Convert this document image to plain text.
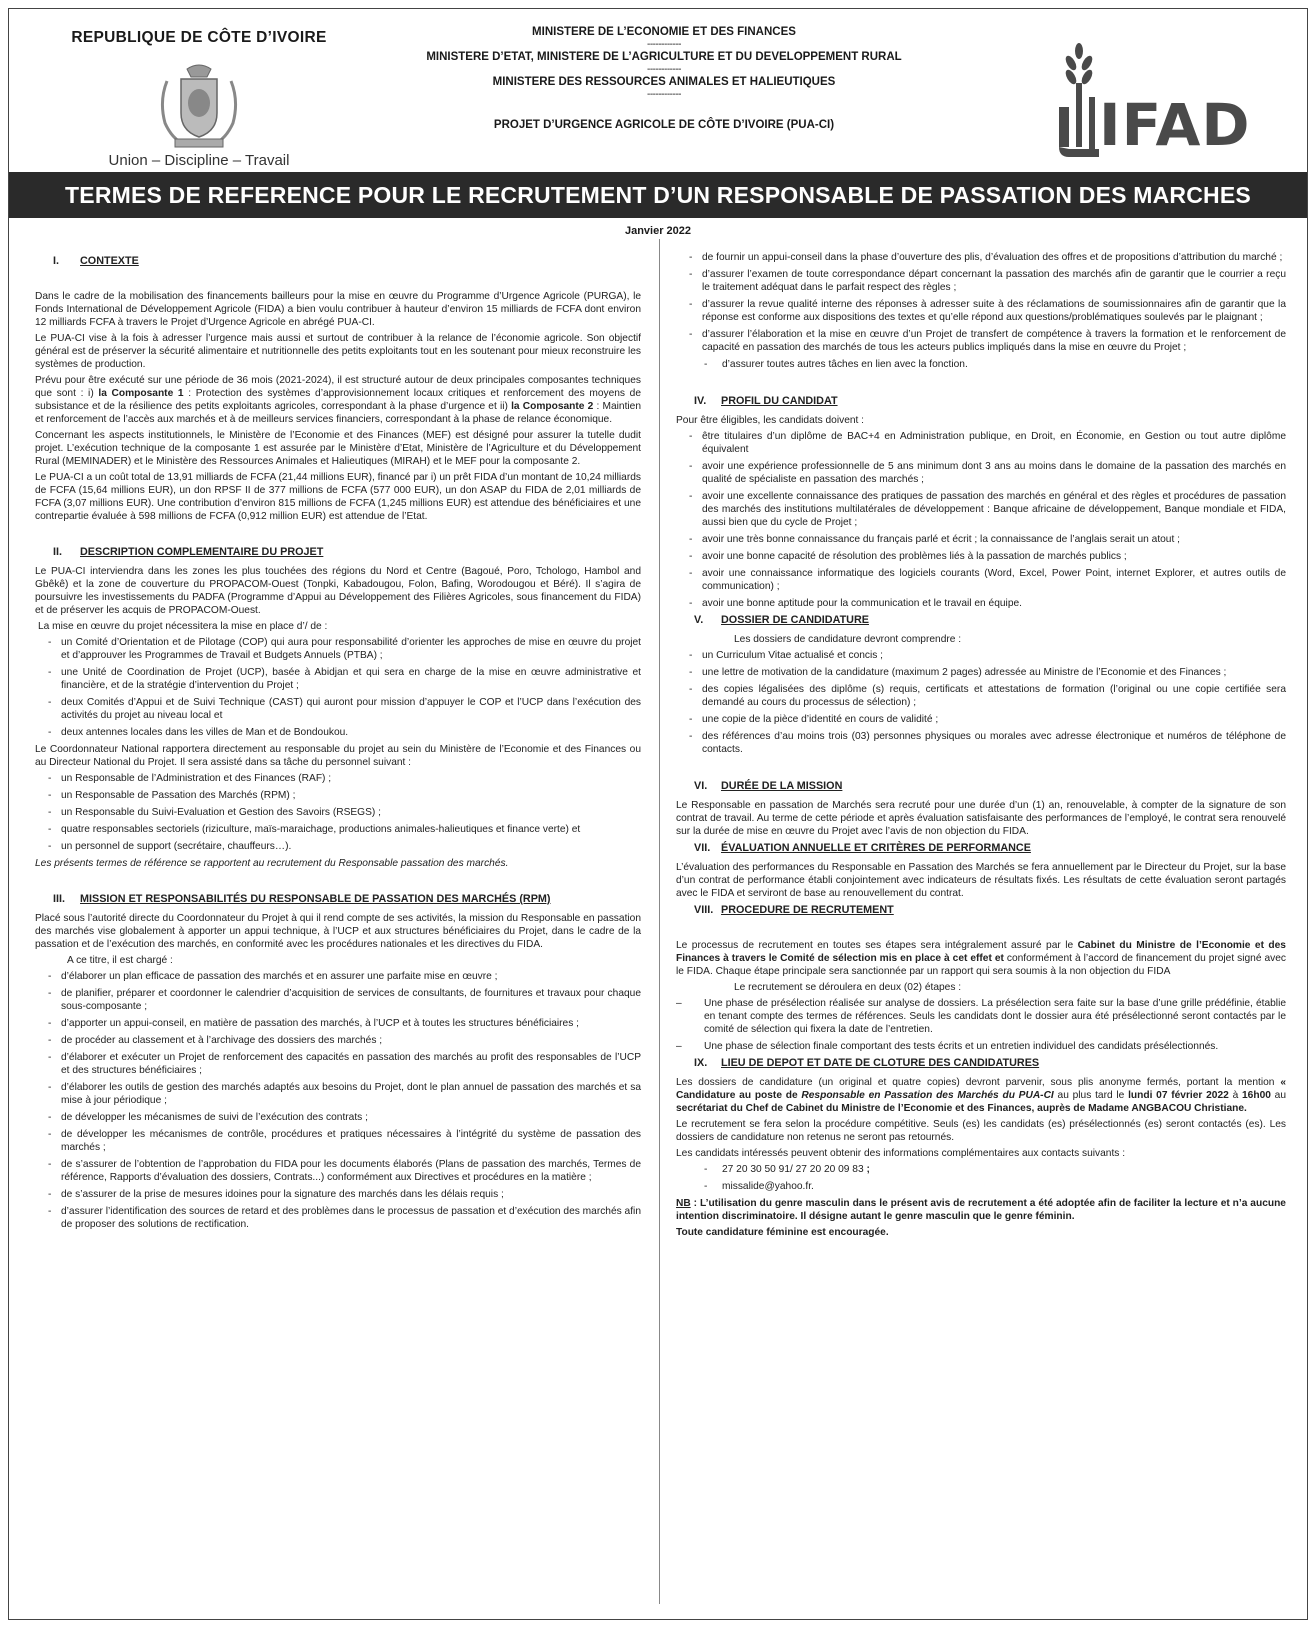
REPUBLIQUE DE CÔTE D’IVOIRE
Union – Discipline – Travail
MINISTERE DE L’ECONOMIE ET DES FINANCES
------------
MINISTERE D’ETAT, MINISTERE DE L’AGRICULTURE ET DU DEVELOPPEMENT RURAL
------------
MINISTERE DES RESSOURCES ANIMALES ET HALIEUTIQUES
------------
PROJET D’URGENCE AGRICOLE DE CÔTE D’IVOIRE (PUA-CI)	IFAD
TERMES DE REFERENCE POUR LE RECRUTEMENT D’UN RESPONSABLE DE PASSATION DES MARCHES
Janvier 2022
I. CONTEXTE

Dans le cadre de la mobilisation des financements bailleurs pour la mise en œuvre du Programme d’Urgence Agricole (PURGA), le Fonds International de Développement Agricole (FIDA) a bien voulu contribuer à hauteur d’environ 15 milliards de FCFA dont environ 12 milliards FCFA à travers le Projet d’Urgence Agricole en abrégé PUA-CI.

Le PUA-CI vise à la fois à adresser l’urgence mais aussi et surtout de contribuer à la relance de l’économie agricole. Son objectif général est de préserver la sécurité alimentaire et nutritionnelle des petits exploitants tout en les soutenant pour mieux reconstruire les systèmes de production.

Prévu pour être exécuté sur une période de 36 mois (2021-2024), il est structuré autour de deux principales composantes techniques que sont : i) la Composante 1 : Protection des systèmes d’approvisionnement locaux critiques et renforcement des moyens de subsistance et de la résilience des petits exploitants agricoles, correspondant à la phase d’urgence et ii) la Composante 2 : Maintien et renforcement de l’accès aux marchés et à de meilleurs services financiers, correspondant à la phase de relance économique.

Concernant les aspects institutionnels, le Ministère de l’Economie et des Finances (MEF) est désigné pour assurer la tutelle dudit projet. L’exécution technique de la composante 1 est assurée par le Ministère d’Etat, Ministère de l’Agriculture et du Développement Rural (MEMINADER) et le Ministère des Ressources Animales et Halieutiques (MIRAH) et le MEF pour la composante 2.

Le PUA-CI a un coût total de 13,91 milliards de FCFA (21,44 millions EUR), financé par i) un prêt FIDA d’un montant de 10,24 milliards de FCFA (15,64 millions EUR), un don RPSF II de 377 millions de FCFA (577 000 EUR), un don ASAP du FIDA de 2,01 milliards de FCFA (3,07 millions EUR). Une contribution d’environ 815 millions de FCFA (1,245 millions EUR) est attendue des bénéficiaires et une contrepartie évaluée à 598 millions de FCFA (0,912 million EUR) est attendue de l’Etat.

II. DESCRIPTION COMPLEMENTAIRE DU PROJET

Le PUA-CI interviendra dans les zones les plus touchées des régions du Nord et Centre (Bagoué, Poro, Tchologo, Hambol and Gbêkê) et la zone de couverture du PROPACOM-Ouest (Tonpki, Kabadougou, Folon, Bafing, Worodougou et Béré). Il s’agira de poursuivre les investissements du PADFA (Programme d’Appui au Développement des Filières Agricoles, sous financement du FIDA) et de préserver les acquis de PROPACOM-Ouest.

La mise en œuvre du projet nécessitera la mise en place d’/ de :

- un Comité d’Orientation et de Pilotage (COP) qui aura pour responsabilité d’orienter les approches de mise en œuvre du projet et d’approuver les Programmes de Travail et Budgets Annuels (PTBA) ;
- une Unité de Coordination de Projet (UCP), basée à Abidjan et qui sera en charge de la mise en œuvre administrative et financière, et de la stratégie d’intervention du Projet ;
- deux Comités d’Appui et de Suivi Technique (CAST) qui auront pour mission d’appuyer le COP et l’UCP dans l’exécution des activités du projet au niveau local et
- deux antennes locales dans les villes de Man et de Bondoukou.

Le Coordonnateur National rapportera directement au responsable du projet au sein du Ministère de l’Economie et des Finances ou au Directeur National du Projet. Il sera assisté dans sa tâche du personnel suivant :

- un Responsable de l’Administration et des Finances (RAF) ;
- un Responsable de Passation des Marchés (RPM) ;
- un Responsable du Suivi-Evaluation et Gestion des Savoirs (RSEGS) ;
- quatre responsables sectoriels (riziculture, maïs-maraichage, productions animales-halieutiques et finance verte) et
- un personnel de support (secrétaire, chauffeurs…).

Les présents termes de référence se rapportent au recrutement du Responsable passation des marchés.

III. MISSION ET RESPONSABILITÉS DU RESPONSABLE DE PASSATION DES MARCHÉS (RPM)

Placé sous l’autorité directe du Coordonnateur du Projet à qui il rend compte de ses activités, la mission du Responsable en passation des marchés vise globalement à apporter un appui technique, à l’UCP et aux structures bénéficiaires du Projet, dans le cadre de la passation et de l’exécution des marchés, en conformité avec les procédures nationales et les directives du FIDA.

A ce titre, il est chargé :

- d’élaborer un plan efficace de passation des marchés et en assurer une parfaite mise en œuvre ;
- de planifier, préparer et coordonner le calendrier d’acquisition de services de consultants, de fournitures et travaux pour chaque sous-composante ;
- d’apporter un appui-conseil, en matière de passation des marchés, à l’UCP et à toutes les structures bénéficiaires ;
- de procéder au classement et à l’archivage des dossiers des marchés ;
- d’élaborer et exécuter un Projet de renforcement des capacités en passation des marchés au profit des responsables de l’UCP et des structures bénéficiaires ;
- d’élaborer les outils de gestion des marchés adaptés aux besoins du Projet, dont le plan annuel de passation des marchés et sa mise à jour périodique ;
- de développer les mécanismes de suivi de l’exécution des contrats ;
- de développer les mécanismes de contrôle, procédures et pratiques nécessaires à l’intégrité du système de passation des marchés ;
- de s’assurer de l’obtention de l’approbation du FIDA pour les documents élaborés (Plans de passation des marchés, Termes de référence, Rapports d’évaluation des dossiers, Contrats...) conformément aux Directives et procédures en la matière ;
- de s’assurer de la prise de mesures idoines pour la signature des marchés dans les délais requis ;
- d’assurer l’identification des sources de retard et des problèmes dans le processus de passation et d’exécution des marchés afin de proposer des solutions de rectification.
- de fournir un appui-conseil dans la phase d’ouverture des plis, d’évaluation des offres et de propositions d’attribution du marché ;
- d’assurer l’examen de toute correspondance départ concernant la passation des marchés afin de garantir que le courrier a reçu le traitement adéquat dans le parfait respect des règles ;
- d’assurer la revue qualité interne des réponses à adresser suite à des réclamations de soumissionnaires afin de garantir que la réponse est conforme aux dispositions des textes et qu’elle répond aux questions/problématiques soulevés par le plaignant ;
- d’assurer l’élaboration et la mise en œuvre d’un Projet de transfert de compétence à travers la formation et le renforcement de capacité en passation des marchés de tous les acteurs publics impliqués dans la mise en œuvre du Projet ;
- d’assurer toutes autres tâches en lien avec la fonction.
IV. PROFIL DU CANDIDAT

Pour être éligibles, les candidats doivent :

- être titulaires d’un diplôme de BAC+4 en Administration publique, en Droit, en Économie, en Gestion ou tout autre diplôme équivalent
- avoir une expérience professionnelle de 5 ans minimum dont 3 ans au moins dans le domaine de la passation des marchés en qualité de spécialiste en passation des marchés ;
- avoir une excellente connaissance des pratiques de passation des marchés en général et des règles et procédures de passation des marchés des institutions multilatérales de développement : Banque africaine de développement, Banque mondiale et FIDA, aussi bien que du cycle de Projet ;
- avoir une très bonne connaissance du français parlé et écrit ; la connaissance de l’anglais serait un atout ;
- avoir une bonne capacité de résolution des problèmes liés à la passation de marchés publics ;
- avoir une connaissance informatique des logiciels courants (Word, Excel, Power Point, internet Explorer, et autres outils de communication) ;
- avoir une bonne aptitude pour la communication et le travail en équipe.
V. DOSSIER DE CANDIDATURE

Les dossiers de candidature devront comprendre :

- un Curriculum Vitae actualisé et concis ;
- une lettre de motivation de la candidature (maximum 2 pages) adressée au Ministre de l’Economie et des Finances ;
- des copies légalisées des diplôme (s) requis, certificats et attestations de formation (l’original ou une copie certifiée sera demandé au cours du processus de sélection) ;
- une copie de la pièce d’identité en cours de validité ;
- des références d’au moins trois (03) personnes physiques ou morales avec adresse électronique et numéros de téléphone de contacts.
VI. DURÉE DE LA MISSION

Le Responsable en passation de Marchés sera recruté pour une durée d’un (1) an, renouvelable, à compter de la signature de son contrat de travail. Au terme de cette période et après évaluation satisfaisante des performances de l’employé, le contrat sera renouvelé sur la durée de mise en œuvre du Projet avec l’avis de non objection du FIDA.

VII. ÉVALUATION ANNUELLE ET CRITÈRES DE PERFORMANCE

L’évaluation des performances du Responsable en Passation des Marchés se fera annuellement par le Directeur du Projet, sur la base d’un contrat de performance établi conjointement avec indicateurs de résultats fixés. Les résultats de cette évaluation seront partagés avec le FIDA et serviront de base au renouvellement du contrat.

VIII. PROCEDURE DE RECRUTEMENT

Le processus de recrutement en toutes ses étapes sera intégralement assuré par le Cabinet du Ministre de l’Economie et des Finances à travers le Comité de sélection mis en place à cet effet et conformément à l’accord de financement du projet signé avec le FIDA. Chaque étape principale sera sanctionnée par un rapport qui sera soumis à la non objection du FIDA

Le recrutement se déroulera en deux (02) étapes :

– Une phase de présélection réalisée sur analyse de dossiers. La présélection sera faite sur la base d’une grille prédéfinie, établie en tenant compte des termes de références. Seuls les candidats dont le dossier aura été présélectionné seront contactés par le comité de sélection qui fixera la date de l’entretien.
– Une phase de sélection finale comportant des tests écrits et un entretien individuel des candidats présélectionnés.
IX. LIEU DE DEPOT ET DATE DE CLOTURE DES CANDIDATURES

Les dossiers de candidature (un original et quatre copies) devront parvenir, sous plis anonyme fermés, portant la mention « Candidature au poste de Responsable en Passation des Marchés du PUA-CI au plus tard le lundi 07 février 2022 à 16h00 au secrétariat du Chef de Cabinet du Ministre de l’Economie et des Finances, auprès de Madame ANGBACOU Christiane.

Le recrutement se fera selon la procédure compétitive. Seuls (es) les candidats (es) présélectionnés (es) seront contactés (es). Les dossiers de candidature non retenus ne seront pas retournés.

Les candidats intéressés peuvent obtenir des informations complémentaires aux contacts suivants :

- 27 20 30 50 91/ 27 20 20 09 83 ;
- missalide@yahoo.fr.

NB : L’utilisation du genre masculin dans le présent avis de recrutement a été adoptée afin de faciliter la lecture et n’a aucune intention discriminatoire. Il désigne autant le genre masculin que le genre féminin.

Toute candidature féminine est encouragée.
